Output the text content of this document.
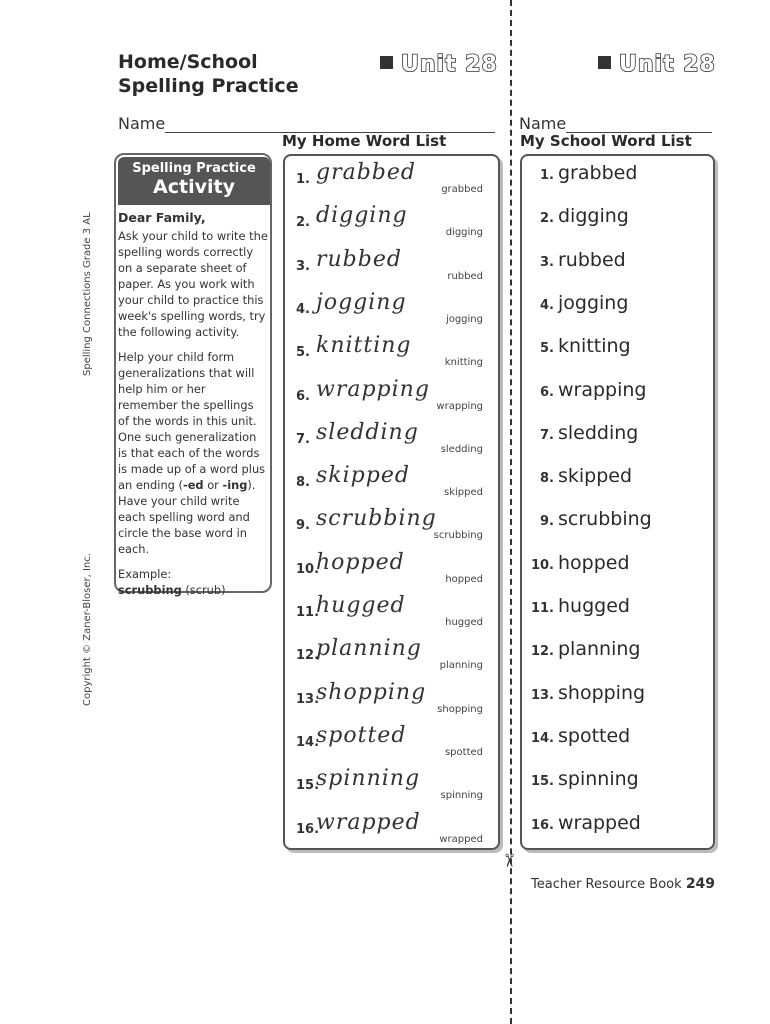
Spelling Connections Grade 3 AL
Copyright © Zaner-Bloser, Inc.
Home/School
Spelling Practice
Unit 28	Unit 28
Name	Name
My Home Word List	My School Word List
Spelling Practice
Activity
Dear Family,

Ask your child to write the spelling words correctly on a separate sheet of paper. As you work with your child to practice this week's spelling words, try the following activity.

Help your child form generalizations that will help him or her remember the spellings of the words in this unit. One such generalization is that each of the words is made up of a word plus an ending (-ed or -ing). Have your child write each spelling word and circle the base word in each.

Example:
scrubbing (scrub)
1. grabbed
grabbed
2. digging
digging
3. rubbed
rubbed
4. jogging
jogging
5. knitting
knitting
6. wrapping
wrapping
7. sledding
sledding
8. skipped
skipped
9. scrubbing
scrubbing
10.
hopped
hopped
11.
hugged
hugged
12.
planning
planning
13.
shopping
shopping
14.
spotted
spotted
15.
spinning
spinning
16.
wrapped
wrapped
1. grabbed
2. digging
3. rubbed
4. jogging
5. knitting
6. wrapping
7. sledding
8. skipped
9. scrubbing
10. hopped
11. hugged
12. planning
13. shopping
14. spotted
15. spinning
16. wrapped
✂
Teacher Resource Book 249
